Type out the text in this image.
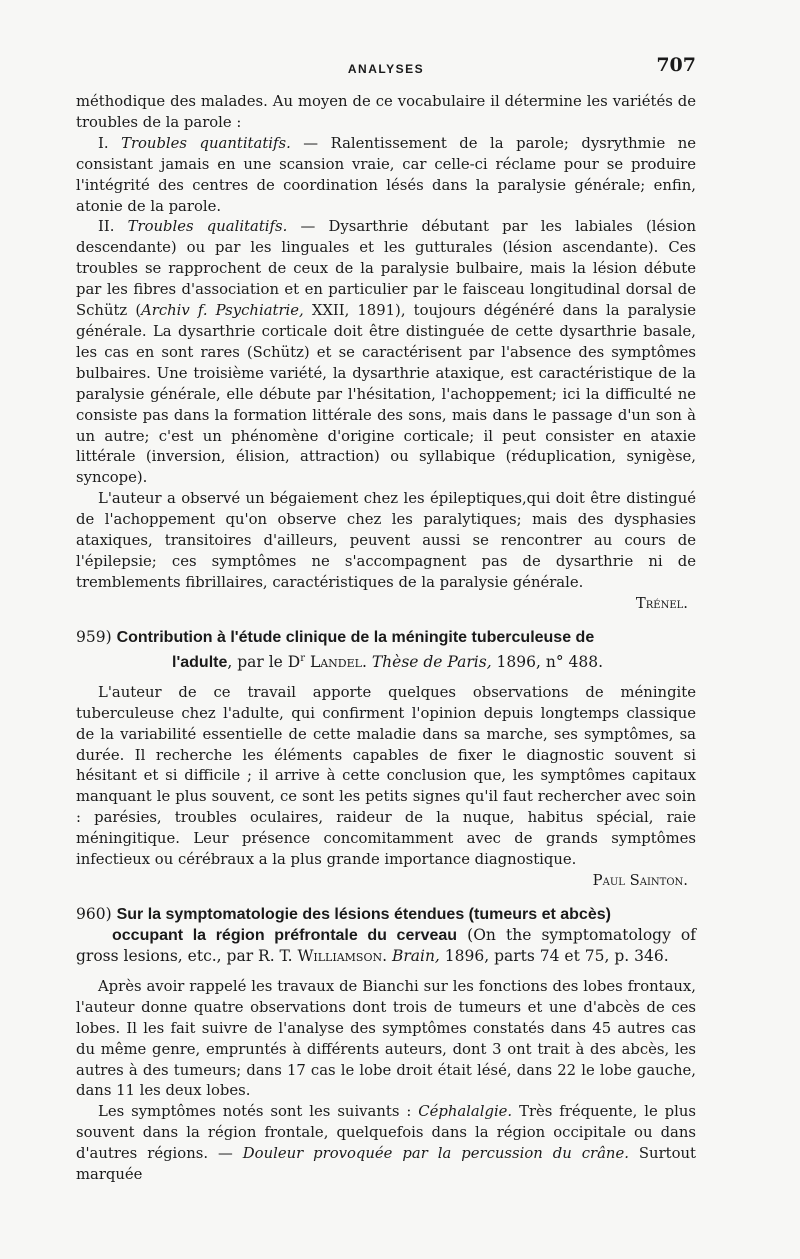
ANALYSES	707

méthodique des malades. Au moyen de ce vocabulaire il détermine les variétés de troubles de la parole :

I. Troubles quantitatifs. — Ralentissement de la parole; dysrythmie ne consistant jamais en une scansion vraie, car celle-ci réclame pour se produire l'intégrité des centres de coordination lésés dans la paralysie générale; enfin, atonie de la parole.

II. Troubles qualitatifs. — Dysarthrie débutant par les labiales (lésion descendante) ou par les linguales et les gutturales (lésion ascendante). Ces troubles se rapprochent de ceux de la paralysie bulbaire, mais la lésion débute par les fibres d'association et en particulier par le faisceau longitudinal dorsal de Schütz (Archiv f. Psychiatrie, XXII, 1891), toujours dégénéré dans la paralysie générale. La dysarthrie corticale doit être distinguée de cette dysarthrie basale, les cas en sont rares (Schütz) et se caractérisent par l'absence des symptômes bulbaires. Une troisième variété, la dysarthrie ataxique, est caractéristique de la paralysie générale, elle débute par l'hésitation, l'achoppement; ici la difficulté ne consiste pas dans la formation littérale des sons, mais dans le passage d'un son à un autre; c'est un phénomène d'origine corticale; il peut consister en ataxie littérale (inversion, élision, attraction) ou syllabique (réduplication, synigèse, syncope).

L'auteur a observé un bégaiement chez les épileptiques,qui doit être distingué de l'achoppement qu'on observe chez les paralytiques; mais des dysphasies ataxiques, transitoires d'ailleurs, peuvent aussi se rencontrer au cours de l'épilepsie; ces symptômes ne s'accompagnent pas de dysarthrie ni de tremblements fibrillaires, caractéristiques de la paralysie générale.

Trénel.

959) Contribution à l'étude clinique de la méningite tuberculeuse de
l'adulte, par le $D^r$ Landel. Thèse de Paris, 1896, n° 488.

L'auteur de ce travail apporte quelques observations de méningite tuberculeuse chez l'adulte, qui confirment l'opinion depuis longtemps classique de la variabilité essentielle de cette maladie dans sa marche, ses symptômes, sa durée. Il recherche les éléments capables de fixer le diagnostic souvent si hésitant et si difficile ; il arrive à cette conclusion que, les symptômes capitaux manquant le plus souvent, ce sont les petits signes qu'il faut rechercher avec soin : parésies, troubles oculaires, raideur de la nuque, habitus spécial, raie méningitique. Leur présence concomitamment avec de grands symptômes infectieux ou cérébraux a la plus grande importance diagnostique.

Paul Sainton.

960) Sur la symptomatologie des lésions étendues (tumeurs et abcès)
occupant la région préfrontale du cerveau (On the symptomatology of gross lesions, etc., par R. T. Williamson. Brain, 1896, parts 74 et 75, p. 346.

Après avoir rappelé les travaux de Bianchi sur les fonctions des lobes frontaux, l'auteur donne quatre observations dont trois de tumeurs et une d'abcès de ces lobes. Il les fait suivre de l'analyse des symptômes constatés dans 45 autres cas du même genre, empruntés à différents auteurs, dont 3 ont trait à des abcès, les autres à des tumeurs; dans 17 cas le lobe droit était lésé, dans 22 le lobe gauche, dans 11 les deux lobes.

Les symptômes notés sont les suivants : Céphalalgie. Très fréquente, le plus souvent dans la région frontale, quelquefois dans la région occipitale ou dans d'autres régions. — Douleur provoquée par la percussion du crâne. Surtout marquée
